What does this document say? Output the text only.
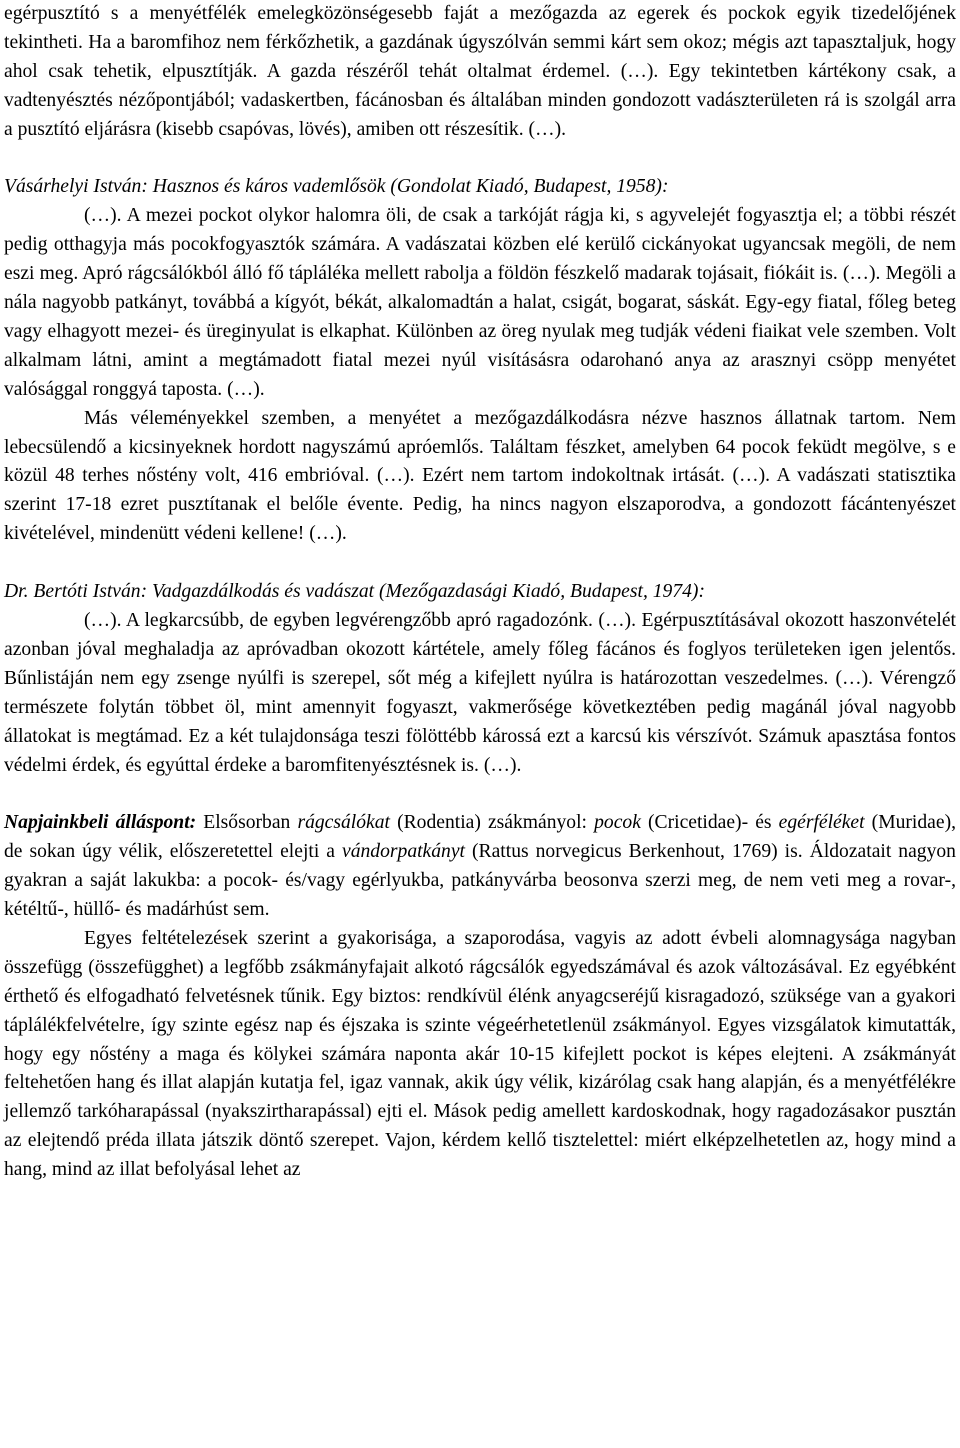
egérpusztító s a menyétfélék emelegközönségesebb faját a mezőgazda az egerek és pockok egyik tizedelőjének tekintheti. Ha a baromfihoz nem férkőzhetik, a gazdának úgyszólván semmi kárt sem okoz; mégis azt tapasztaljuk, hogy ahol csak tehetik, elpusztítják. A gazda részéről tehát oltalmat érdemel. (…). Egy tekintetben kártékony csak, a vadtenyésztés nézőpontjából; vadaskertben, fácánosban és általában minden gondozott vadászterületen rá is szolgál arra a pusztító eljárásra (kisebb csapóvas, lövés), amiben ott részesítik. (…).

Vásárhelyi István: Hasznos és káros vademlősök (Gondolat Kiadó, Budapest, 1958):

(…). A mezei pockot olykor halomra öli, de csak a tarkóját rágja ki, s agyvelejét fogyasztja el; a többi részét pedig otthagyja más pocokfogyasztók számára. A vadászatai közben elé kerülő cickányokat ugyancsak megöli, de nem eszi meg. Apró rágcsálókból álló fő tápláléka mellett rabolja a földön fészkelő madarak tojásait, fiókáit is. (…). Megöli a nála nagyobb patkányt, továbbá a kígyót, békát, alkalomadtán a halat, csigát, bogarat, sáskát. Egy-egy fiatal, főleg beteg vagy elhagyott mezei- és üreginyulat is elkaphat. Különben az öreg nyulak meg tudják védeni fiaikat vele szemben. Volt alkalmam látni, amint a megtámadott fiatal mezei nyúl visításásra odarohanó anya az arasznyi csöpp menyétet valósággal ronggyá taposta. (…).

Más véleményekkel szemben, a menyétet a mezőgazdálkodásra nézve hasznos állatnak tartom. Nem lebecsülendő a kicsinyeknek hordott nagyszámú apróemlős. Találtam fészket, amelyben 64 pocok feküdt megölve, s e közül 48 terhes nőstény volt, 416 embrióval. (…). Ezért nem tartom indokoltnak irtását. (…). A vadászati statisztika szerint 17-18 ezret pusztítanak el belőle évente. Pedig, ha nincs nagyon elszaporodva, a gondozott fácántenyészet kivételével, mindenütt védeni kellene! (…).

Dr. Bertóti István: Vadgazdálkodás és vadászat (Mezőgazdasági Kiadó, Budapest, 1974):

(…). A legkarcsúbb, de egyben legvérengzőbb apró ragadozónk. (…). Egérpusztításával okozott haszonvételét azonban jóval meghaladja az apróvadban okozott kártétele, amely főleg fácános és foglyos területeken igen jelentős. Bűnlistáján nem egy zsenge nyúlfi is szerepel, sőt még a kifejlett nyúlra is határozottan veszedelmes. (…). Vérengző természete folytán többet öl, mint amennyit fogyaszt, vakmerősége következtében pedig magánál jóval nagyobb állatokat is megtámad. Ez a két tulajdonsága teszi fölöttébb károssá ezt a karcsú kis vérszívót. Számuk apasztása fontos védelmi érdek, és egyúttal érdeke a baromfitenyésztésnek is. (…).

Napjainkbeli álláspont: Elsősorban rágcsálókat (Rodentia) zsákmányol: pocok (Cricetidae)- és egérféléket (Muridae), de sokan úgy vélik, előszeretettel elejti a vándorpatkányt (Rattus norvegicus Berkenhout, 1769) is. Áldozatait nagyon gyakran a saját lakukba: a pocok- és/vagy egérlyukba, patkányvárba beosonva szerzi meg, de nem veti meg a rovar-, kétéltű-, hüllő- és madárhúst sem.

Egyes feltételezések szerint a gyakorisága, a szaporodása, vagyis az adott évbeli alomnagysága nagyban összefügg (összefügghet) a legfőbb zsákmányfajait alkotó rágcsálók egyedszámával és azok változásával. Ez egyébként érthető és elfogadható felvetésnek tűnik. Egy biztos: rendkívül élénk anyagcseréjű kisragadozó, szüksége van a gyakori táplálékfelvételre, így szinte egész nap és éjszaka is szinte végeérhetetlenül zsákmányol. Egyes vizsgálatok kimutatták, hogy egy nőstény a maga és kölykei számára naponta akár 10-15 kifejlett pockot is képes elejteni. A zsákmányát feltehetően hang és illat alapján kutatja fel, igaz vannak, akik úgy vélik, kizárólag csak hang alapján, és a menyétfélékre jellemző tarkóharapással (nyakszirtharapással) ejti el. Mások pedig amellett kardoskodnak, hogy ragadozásakor pusztán az elejtendő préda illata játszik döntő szerepet. Vajon, kérdem kellő tisztelettel: miért elképzelhetetlen az, hogy mind a hang, mind az illat befolyásal lehet az
